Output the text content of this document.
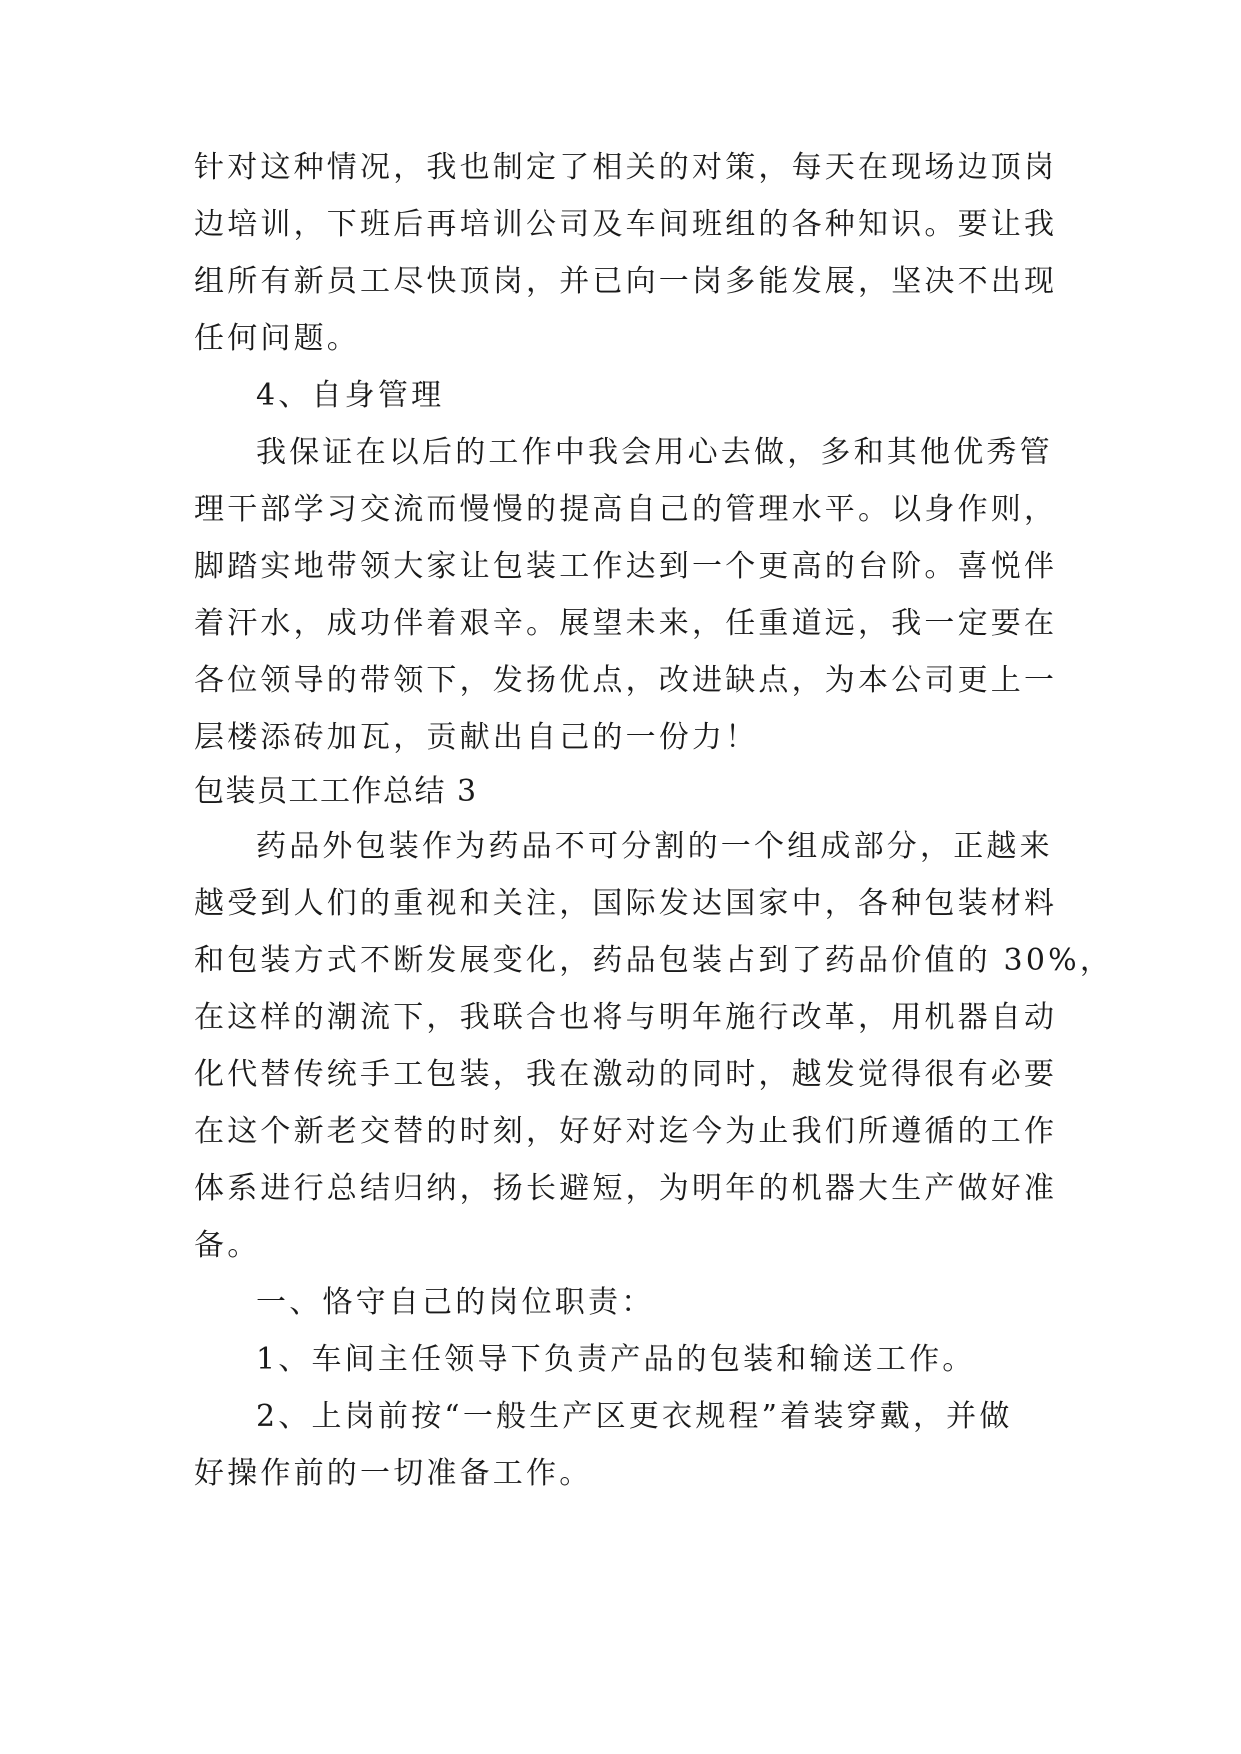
针对这种情况，我也制定了相关的对策，每天在现场边顶岗
边培训，下班后再培训公司及车间班组的各种知识。要让我
组所有新员工尽快顶岗，并已向一岗多能发展，坚决不出现
任何问题。
4、自身管理
我保证在以后的工作中我会用心去做，多和其他优秀管
理干部学习交流而慢慢的提高自己的管理水平。以身作则，
脚踏实地带领大家让包装工作达到一个更高的台阶。喜悦伴
着汗水，成功伴着艰辛。展望未来，任重道远，我一定要在
各位领导的带领下，发扬优点，改进缺点，为本公司更上一
层楼添砖加瓦，贡献出自己的一份力！
包装员工工作总结 3
药品外包装作为药品不可分割的一个组成部分，正越来
越受到人们的重视和关注，国际发达国家中，各种包装材料
和包装方式不断发展变化，药品包装占到了药品价值的 30%，
在这样的潮流下，我联合也将与明年施行改革，用机器自动
化代替传统手工包装，我在激动的同时，越发觉得很有必要
在这个新老交替的时刻，好好对迄今为止我们所遵循的工作
体系进行总结归纳，扬长避短，为明年的机器大生产做好准
备。
一、恪守自己的岗位职责：
1、车间主任领导下负责产品的包装和输送工作。
2、上岗前按“一般生产区更衣规程”着装穿戴，并做
好操作前的一切准备工作。
